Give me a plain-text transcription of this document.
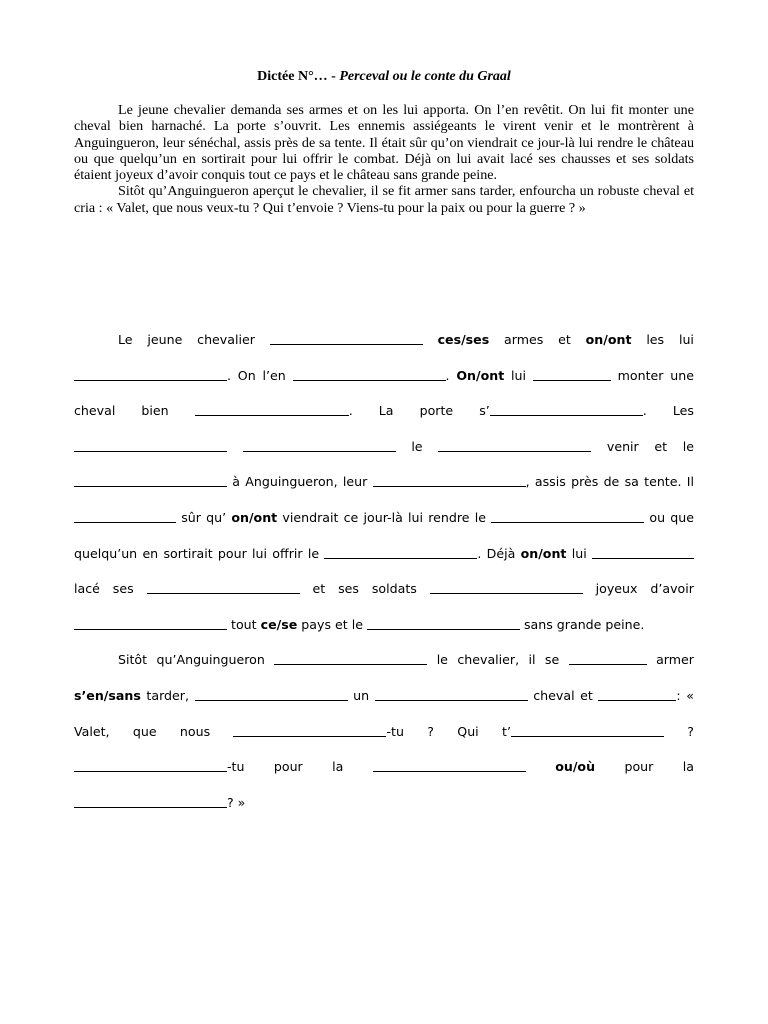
Dictée N°… - Perceval ou le conte du Graal

Le jeune chevalier demanda ses armes et on les lui apporta. On l’en revêtit. On lui fit monter une cheval bien harnaché. La porte s’ouvrit. Les ennemis assiégeants le virent venir et le montrèrent à Anguingueron, leur sénéchal, assis près de sa tente. Il était sûr qu’on viendrait ce jour-là lui rendre le château ou que quelqu’un en sortirait pour lui offrir le combat. Déjà on lui avait lacé ses chausses et ses soldats étaient joyeux d’avoir conquis tout ce pays et le château sans grande peine.

Sitôt qu’Anguingueron aperçut le chevalier, il se fit armer sans tarder, enfourcha un robuste cheval et cria : « Valet, que nous veux-tu ? Qui t’envoie ? Viens-tu pour la paix ou pour la guerre ? »

Le jeune chevalier	ces/ses armes et on/ont les lui . On l’en	. On/ont lui	monter une cheval bien	. La porte s’	. Les   le	venir et le  à Anguingueron, leur	, assis près de sa tente. Il  sûr qu’ on/ont viendrait ce jour-là lui rendre le	ou que quelqu’un en sortirait pour lui offrir le	. Déjà on/ont lui  lacé ses	et ses soldats	joyeux d’avoir  tout ce/se pays et le	sans grande peine.

Sitôt qu’Anguingueron	le chevalier, il se	armer s’en/sans tarder,	un	cheval et	: « Valet, que nous	-tu ? Qui t’	? -tu pour la	ou/où pour la ? »
